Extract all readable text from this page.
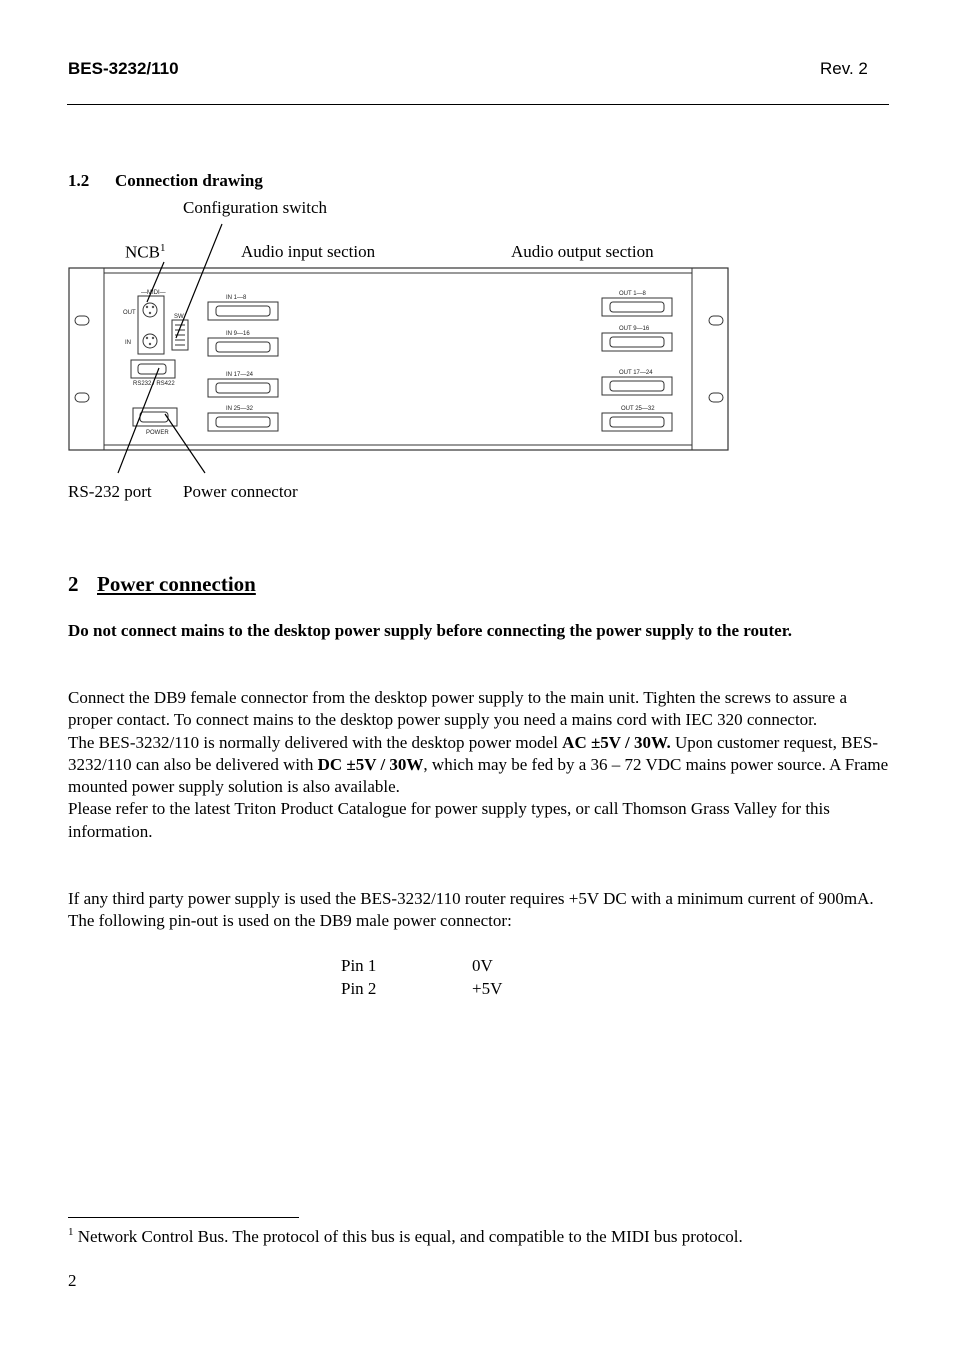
BES-3232/110	Rev. 2
1.2 Connection drawing
Configuration switch
NCB$^1$	Audio input section	Audio output section
RS-232 port Power connector
—MIDI—
OUT
IN
SW
RS232 / RS422
POWER
IN 1—8
IN 9—16
IN 17—24
IN 25—32
OUT 1—8
OUT 9—16
OUT 17—24
OUT 25—32
2 Power connection
Do not connect mains to the desktop power supply before connecting the power supply to the router.
Connect the DB9 female connector from the desktop power supply to the main unit. Tighten the screws to assure a proper contact. To connect mains to the desktop power supply you need a mains cord with IEC 320 connector.
The BES-3232/110 is normally delivered with the desktop power model AC ±5V / 30W. Upon customer request, BES-3232/110 can also be delivered with DC ±5V / 30W, which may be fed by a 36 – 72 VDC mains power source. A Frame mounted power supply solution is also available.
Please refer to the latest Triton Product Catalogue for power supply types, or call Thomson Grass Valley for this information.
If any third party power supply is used the BES-3232/110 router requires +5V DC with a minimum current of 900mA. The following pin-out is used on the DB9 male power connector:
Pin 1	0V
Pin 2	+5V
$^1$ Network Control Bus. The protocol of this bus is equal, and compatible to the MIDI bus protocol.
2
